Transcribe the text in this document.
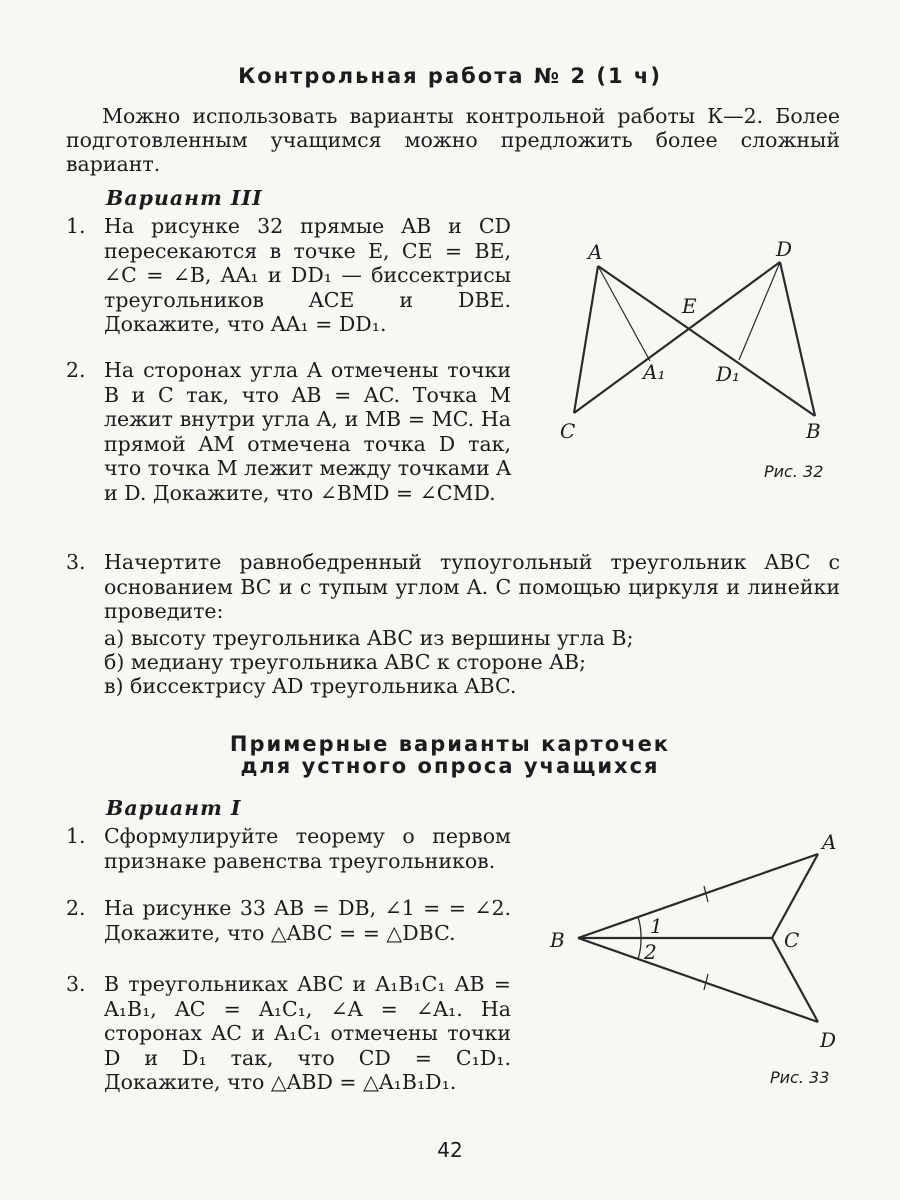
Контрольная работа № 2 (1 ч)
Можно использовать варианты контрольной работы К—2. Более подготовленным учащимся можно предложить более сложный вариант.
Вариант III
1. На рисунке 32 прямые AB и CD пересекаются в точке E, CE = BE, ∠C = ∠B, AA₁ и DD₁ — биссектрисы треугольников ACE и DBE. Докажите, что AA₁ = DD₁.
2. На сторонах угла A отмечены точки B и C так, что AB = AC. Точка M лежит внутри угла A, и MB = MC. На прямой AM отмечена точка D так, что точка M лежит между точками A и D. Докажите, что ∠BMD = ∠CMD.
3. Начертите равнобедренный тупоугольный треугольник ABC с основанием BC и с тупым углом A. С помощью циркуля и линейки проведите:
а) высоту треугольника ABC из вершины угла B;
б) медиану треугольника ABC к стороне AB;
в) биссектрису AD треугольника ABC.
A	D
E
A₁	D₁
C	B
Рис. 32
Примерные варианты карточек
для устного опроса учащихся
Вариант I
1. Сформулируйте теорему о первом признаке равенства треугольников.
2. На рисунке 33 AB = DB, ∠1 = = ∠2. Докажите, что △ABC = = △DBC.
3. В треугольниках ABC и A₁B₁C₁ AB = A₁B₁, AC = A₁C₁, ∠A = ∠A₁. На сторонах AC и A₁C₁ отмечены точки D и D₁ так, что CD = C₁D₁. Докажите, что △ABD = △A₁B₁D₁.
A
B	C
D
1
2
Рис. 33
42
